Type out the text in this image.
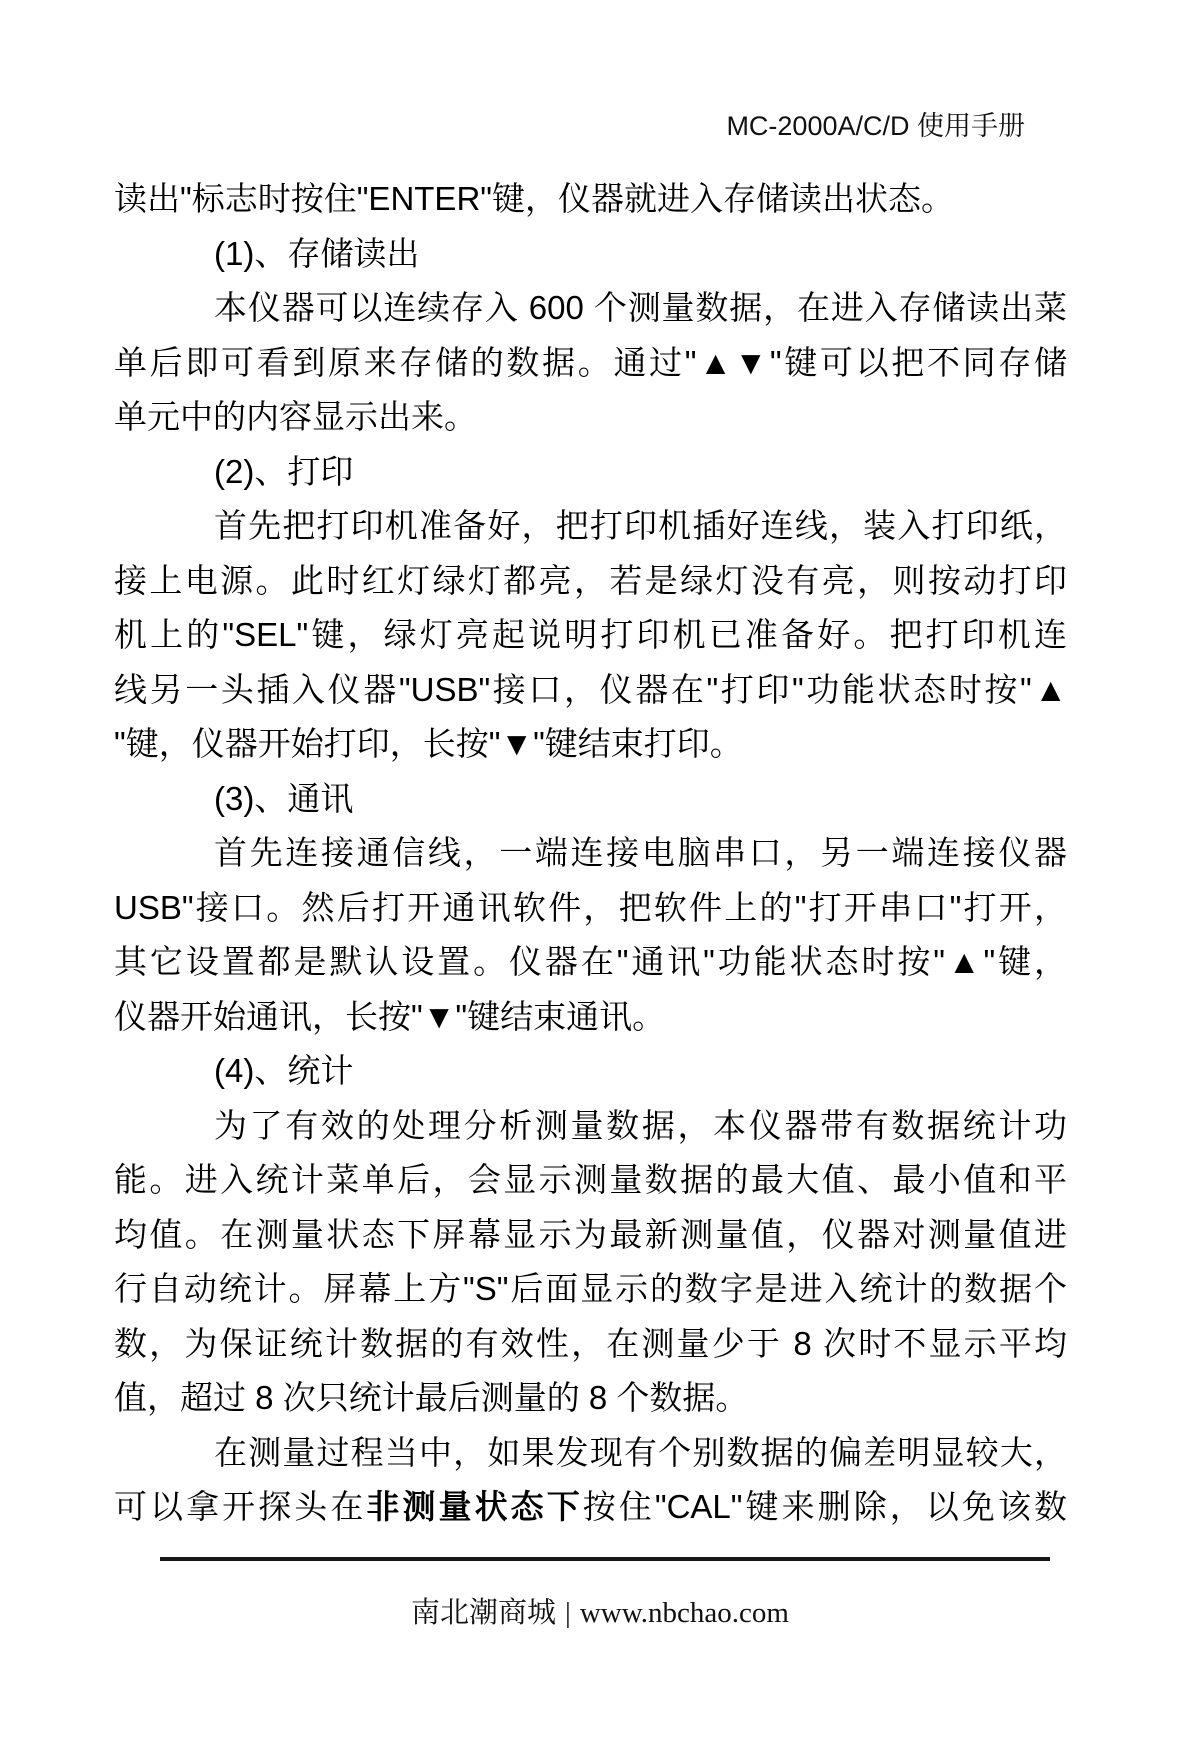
MC-2000A/C/D 使用手册
读出"标志时按住"ENTER"键，仪器就进入存储读出状态。
(1)、存储读出
本仪器可以连续存入 600 个测量数据，在进入存储读出菜
单后即可看到原来存储的数据。通过"▲▼"键可以把不同存储
单元中的内容显示出来。
(2)、打印
首先把打印机准备好，把打印机插好连线，装入打印纸，
接上电源。此时红灯绿灯都亮，若是绿灯没有亮，则按动打印
机上的"SEL"键，绿灯亮起说明打印机已准备好。把打印机连
线另一头插入仪器"USB"接口，仪器在"打印"功能状态时按"▲
"键，仪器开始打印，长按"▼"键结束打印。
(3)、通讯
首先连接通信线，一端连接电脑串口，另一端连接仪器
USB"接口。然后打开通讯软件，把软件上的"打开串口"打开，
其它设置都是默认设置。仪器在"通讯"功能状态时按"▲"键，
仪器开始通讯，长按"▼"键结束通讯。
(4)、统计
为了有效的处理分析测量数据，本仪器带有数据统计功
能。进入统计菜单后，会显示测量数据的最大值、最小值和平
均值。在测量状态下屏幕显示为最新测量值，仪器对测量值进
行自动统计。屏幕上方"S"后面显示的数字是进入统计的数据个
数，为保证统计数据的有效性，在测量少于 8 次时不显示平均
值，超过 8 次只统计最后测量的 8 个数据。
在测量过程当中，如果发现有个别数据的偏差明显较大，
可以拿开探头在非测量状态下按住"CAL"键来删除，以免该数
南北潮商城 | www.nbchao.com
